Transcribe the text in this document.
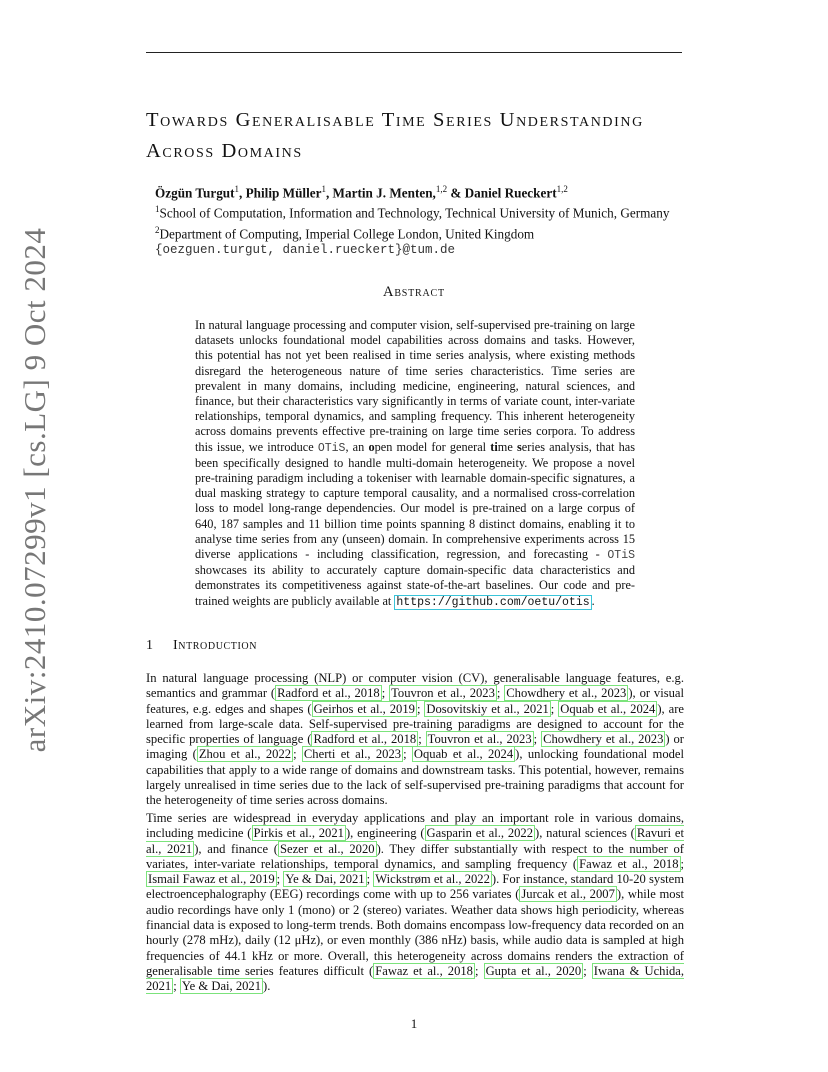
arXiv:2410.07299v1 [cs.LG] 9 Oct 2024
Towards Generalisable Time Series Understanding Across Domains
Özgün Turgut$^1$, Philip Müller$^1$, Martin J. Menten,$^{1,2}$ & Daniel Rueckert$^{1,2}$
$^1$School of Computation, Information and Technology, Technical University of Munich, Germany
$^2$Department of Computing, Imperial College London, United Kingdom
{oezguen.turgut, daniel.rueckert}@tum.de
Abstract
In natural language processing and computer vision, self-supervised pre-training on large datasets unlocks foundational model capabilities across domains and tasks. However, this potential has not yet been realised in time series analysis, where existing methods disregard the heterogeneous nature of time series characteristics. Time series are prevalent in many domains, including medicine, engineering, natural sciences, and finance, but their characteristics vary significantly in terms of variate count, inter-variate relationships, temporal dynamics, and sampling frequency. This inherent heterogeneity across domains prevents effective pre-training on large time series corpora. To address this issue, we introduce OTiS, an open model for general time series analysis, that has been specifically designed to handle multi-domain heterogeneity. We propose a novel pre-training paradigm including a tokeniser with learnable domain-specific signatures, a dual masking strategy to capture temporal causality, and a normalised cross-correlation loss to model long-range dependencies. Our model is pre-trained on a large corpus of 640, 187 samples and 11 billion time points spanning 8 distinct domains, enabling it to analyse time series from any (unseen) domain. In comprehensive experiments across 15 diverse applications - including classification, regression, and forecasting - OTiS showcases its ability to accurately capture domain-specific data characteristics and demonstrates its competitiveness against state-of-the-art baselines. Our code and pre-trained weights are publicly available at https://github.com/oetu/otis .
1 Introduction
In natural language processing (NLP) or computer vision (CV), generalisable language features, e.g. semantics and grammar ( Radford et al., 2018 ; Touvron et al., 2023 ; Chowdhery et al., 2023 ), or visual features, e.g. edges and shapes ( Geirhos et al., 2019 ; Dosovitskiy et al., 2021 ; Oquab et al., 2024 ), are learned from large-scale data. Self-supervised pre-training paradigms are designed to account for the specific properties of language ( Radford et al., 2018 ; Touvron et al., 2023 ; Chowdhery et al., 2023 ) or imaging ( Zhou et al., 2022 ; Cherti et al., 2023 ; Oquab et al., 2024 ), unlocking foundational model capabilities that apply to a wide range of domains and downstream tasks. This potential, however, remains largely unrealised in time series due to the lack of self-supervised pre-training paradigms that account for the heterogeneity of time series across domains.
Time series are widespread in everyday applications and play an important role in various domains, including medicine ( Pirkis et al., 2021 ), engineering ( Gasparin et al., 2022 ), natural sciences ( Ravuri et al., 2021 ), and finance ( Sezer et al., 2020 ). They differ substantially with respect to the number of variates, inter-variate relationships, temporal dynamics, and sampling frequency ( Fawaz et al., 2018 ; Ismail Fawaz et al., 2019 ; Ye & Dai, 2021 ; Wickstrøm et al., 2022 ). For instance, standard 10-20 system electroencephalography (EEG) recordings come with up to 256 variates ( Jurcak et al., 2007 ), while most audio recordings have only 1 (mono) or 2 (stereo) variates. Weather data shows high periodicity, whereas financial data is exposed to long-term trends. Both domains encompass low-frequency data recorded on an hourly (278 mHz), daily (12 μHz), or even monthly (386 nHz) basis, while audio data is sampled at high frequencies of 44.1 kHz or more. Overall, this heterogeneity across domains renders the extraction of generalisable time series features difficult ( Fawaz et al., 2018 ; Gupta et al., 2020 ; Iwana & Uchida, 2021 ; Ye & Dai, 2021 ).
1
